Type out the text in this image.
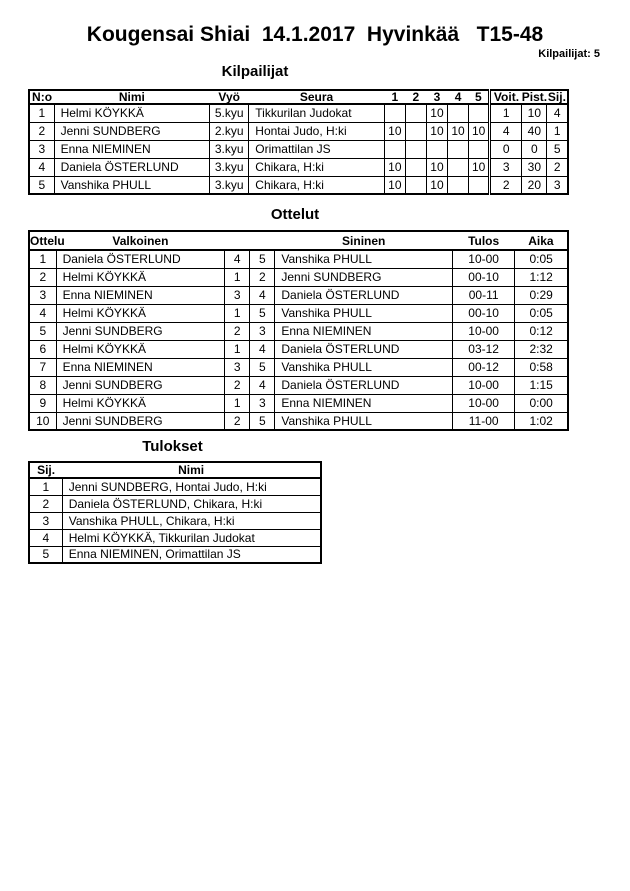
Kougensai Shiai  14.1.2017  Hyvinkää   T15-48
Kilpailijat: 5
Kilpailijat
N:o	Nimi	Vyö	Seura	1	2	3	4	5	Voit.	Pist.	Sij.
1	Helmi KÖYKKÄ	5.kyu	Tikkurilan Judokat			10			1	10	4
2	Jenni SUNDBERG	2.kyu	Hontai Judo, H:ki	10		10	10	10	4	40	1
3	Enna NIEMINEN	3.kyu	Orimattilan JS						0	0	5
4	Daniela ÖSTERLUND	3.kyu	Chikara, H:ki	10		10		10	3	30	2
5	Vanshika PHULL	3.kyu	Chikara, H:ki	10		10			2	20	3
Ottelut
Ottelu	Valkoinen			Sininen	Tulos	Aika
1	Daniela ÖSTERLUND	4	5	Vanshika PHULL	10-00	0:05
2	Helmi KÖYKKÄ	1	2	Jenni SUNDBERG	00-10	1:12
3	Enna NIEMINEN	3	4	Daniela ÖSTERLUND	00-11	0:29
4	Helmi KÖYKKÄ	1	5	Vanshika PHULL	00-10	0:05
5	Jenni SUNDBERG	2	3	Enna NIEMINEN	10-00	0:12
6	Helmi KÖYKKÄ	1	4	Daniela ÖSTERLUND	03-12	2:32
7	Enna NIEMINEN	3	5	Vanshika PHULL	00-12	0:58
8	Jenni SUNDBERG	2	4	Daniela ÖSTERLUND	10-00	1:15
9	Helmi KÖYKKÄ	1	3	Enna NIEMINEN	10-00	0:00
10	Jenni SUNDBERG	2	5	Vanshika PHULL	11-00	1:02
Tulokset
Sij.	Nimi
1	Jenni SUNDBERG, Hontai Judo, H:ki
2	Daniela ÖSTERLUND, Chikara, H:ki
3	Vanshika PHULL, Chikara, H:ki
4	Helmi KÖYKKÄ, Tikkurilan Judokat
5	Enna NIEMINEN, Orimattilan JS
